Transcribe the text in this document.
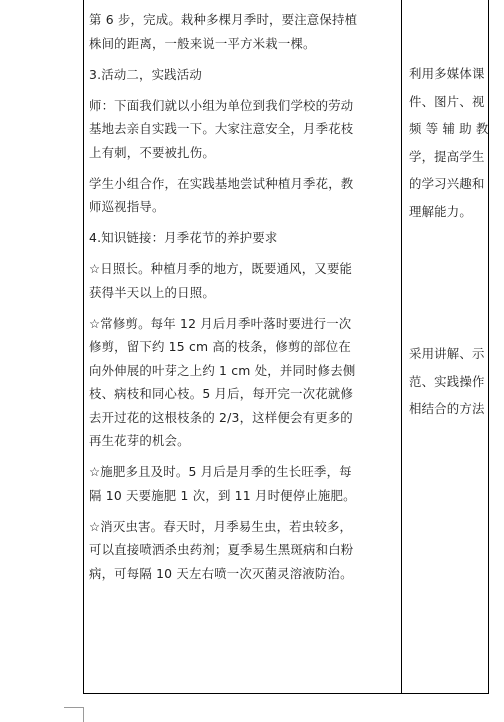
第 6 步，完成。栽种多棵月季时，要注意保持植
株间的距离，一般来说一平方米栽一棵。

3.活动二，实践活动

师：下面我们就以小组为单位到我们学校的劳动
基地去亲自实践一下。大家注意安全，月季花枝
上有刺，不要被扎伤。

学生小组合作，在实践基地尝试种植月季花，教
师巡视指导。

4.知识链接：月季花节的养护要求

☆日照长。种植月季的地方，既要通风，又要能
获得半天以上的日照。

☆常修剪。每年 12 月后月季叶落时要进行一次
修剪，留下约 15 cm 高的枝条，修剪的部位在
向外伸展的叶芽之上约 1 cm 处，并同时修去侧
枝、病枝和同心枝。5 月后，每开完一次花就修
去开过花的这根枝条的 2/3，这样便会有更多的
再生花芽的机会。

☆施肥多且及时。5 月后是月季的生长旺季，每
隔 10 天要施肥 1 次，到 11 月时便停止施肥。

☆消灭虫害。春天时，月季易生虫，若虫较多，
可以直接喷洒杀虫药剂；夏季易生黑斑病和白粉
病，可每隔 10 天左右喷一次灭菌灵溶液防治。

利用多媒体课
件、图片、视
频 等 辅 助 教
学，提高学生
的学习兴趣和
理解能力。
采用讲解、示
范、实践操作
相结合的方法
